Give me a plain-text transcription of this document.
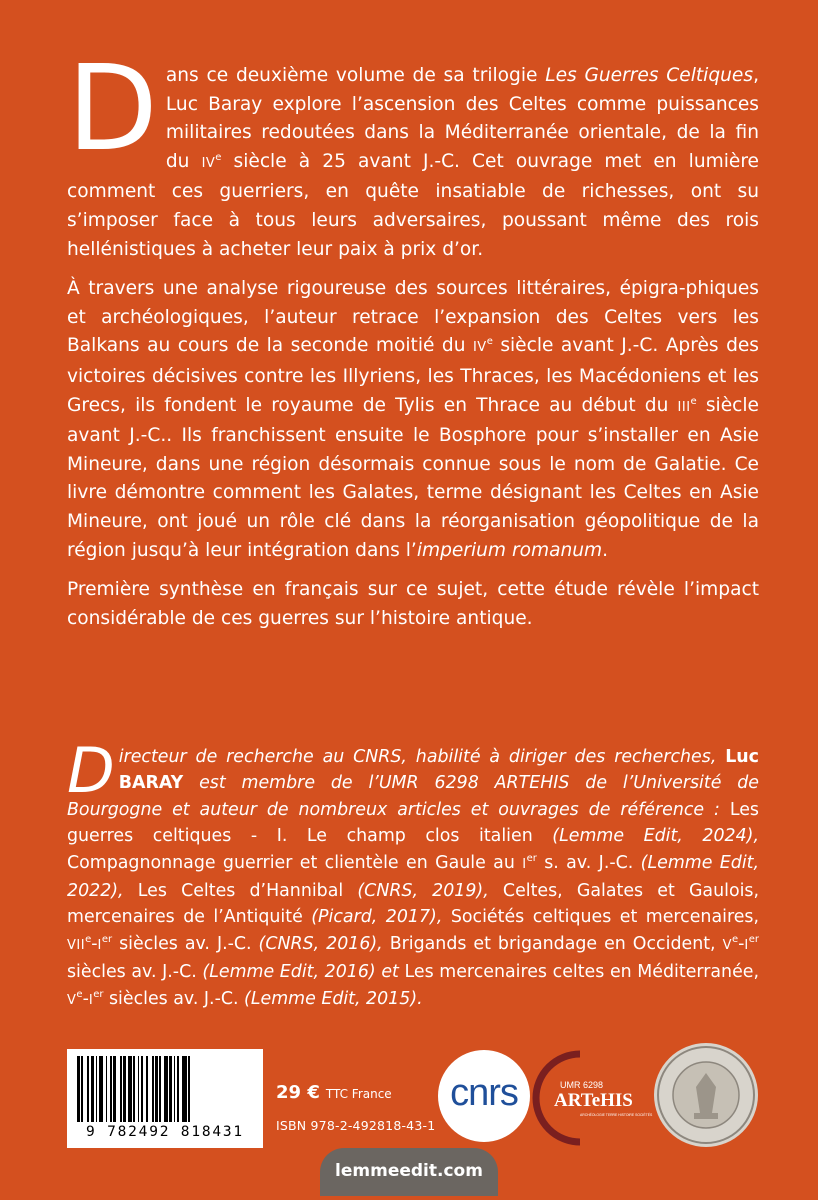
D ans ce deuxième volume de sa trilogie Les Guerres Celtiques, Luc Baray explore l’ascension des Celtes comme puissances militaires redoutées dans la Méditerranée orientale, de la fin du IVe siècle à 25 avant J.-C. Cet ouvrage met en lumière comment ces guerriers, en quête insatiable de richesses, ont su s’imposer face à tous leurs adversaires, poussant même des rois hellénistiques à acheter leur paix à prix d’or.

À travers une analyse rigoureuse des sources littéraires, épigra-phiques et archéologiques, l’auteur retrace l’expansion des Celtes vers les Balkans au cours de la seconde moitié du IVe siècle avant J.-C. Après des victoires décisives contre les Illyriens, les Thraces, les Macédoniens et les Grecs, ils fondent le royaume de Tylis en Thrace au début du IIIe siècle avant J.-C.. Ils franchissent ensuite le Bosphore pour s’installer en Asie Mineure, dans une région désormais connue sous le nom de Galatie. Ce livre démontre comment les Galates, terme désignant les Celtes en Asie Mineure, ont joué un rôle clé dans la réorganisation géopolitique de la région jusqu’à leur intégration dans l’imperium romanum.

Première synthèse en français sur ce sujet, cette étude révèle l’impact considérable de ces guerres sur l’histoire antique.

Directeur de recherche au CNRS, habilité à diriger des recherches, Luc BARAY est membre de l’UMR 6298 ARTEHIS de l’Université de Bourgogne et auteur de nombreux articles et ouvrages de référence : Les guerres celtiques - I. Le champ clos italien (Lemme Edit, 2024), Compagnonnage guerrier et clientèle en Gaule au Ier s. av. J.-C. (Lemme Edit, 2022), Les Celtes d’Hannibal (CNRS, 2019), Celtes, Galates et Gaulois, mercenaires de l’Antiquité (Picard, 2017), Sociétés celtiques et mercenaires, VIIe-Ier siècles av. J.-C. (CNRS, 2016), Brigands et brigandage en Occident, Ve-Ier siècles av. J.-C. (Lemme Edit, 2016) et Les mercenaires celtes en Méditerranée, Ve-Ier siècles av. J.-C. (Lemme Edit, 2015).
9 782492 818431
29 € TTC France
ISBN 978-2-492818-43-1
cnrs	UMR 6298
ARTeHIS
ARCHÉOLOGIE TERRE HISTOIRE SOCIÉTÉS
lemmeedit.com
